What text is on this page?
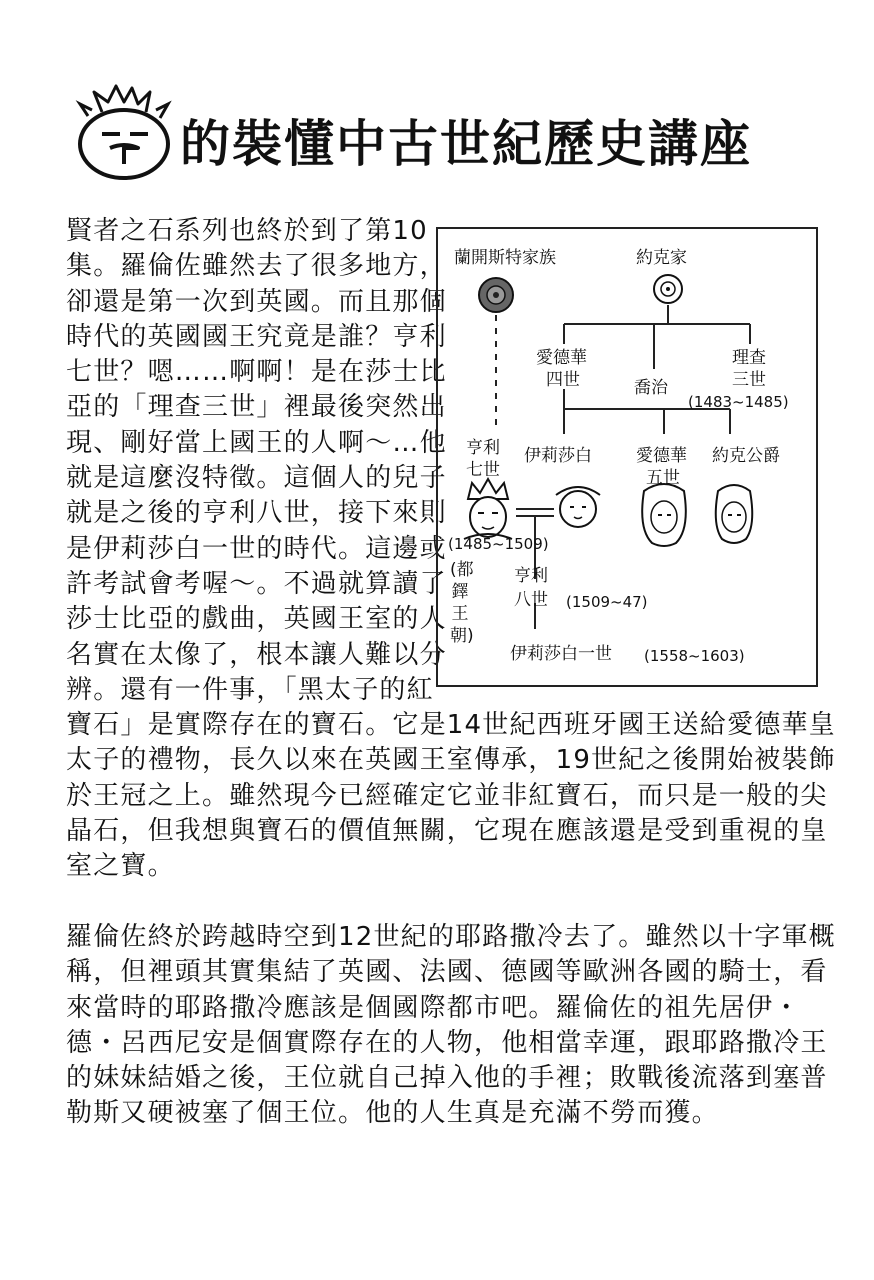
的裝懂中古世紀歷史講座
賢者之石系列也終於到了第10
集。羅倫佐雖然去了很多地方，
卻還是第一次到英國。而且那個
時代的英國國王究竟是誰？亨利
七世？嗯……啊啊！是在莎士比
亞的「理查三世」裡最後突然出
現、剛好當上國王的人啊～…他
就是這麼沒特徵。這個人的兒子
就是之後的亨利八世，接下來則
是伊莉莎白一世的時代。這邊或
許考試會考喔～。不過就算讀了
莎士比亞的戲曲，英國王室的人
名實在太像了，根本讓人難以分
辨。還有一件事，「黑太子的紅
寶石」是實際存在的寶石。它是14世紀西班牙國王送給愛德華皇
太子的禮物，長久以來在英國王室傳承，19世紀之後開始被裝飾
於王冠之上。雖然現今已經確定它並非紅寶石，而只是一般的尖
晶石，但我想與寶石的價值無關，它現在應該還是受到重視的皇
室之寶。
蘭開斯特家族	約克家
愛德華
四世	喬治
理查
三世
(1483~1485)
亨利
七世
(1485~1509)
伊莉莎白	愛德華
五世
約克公爵
(都鐸王朝)
亨利
八世 (1509~47)
伊莉莎白一世 (1558~1603)
羅倫佐終於跨越時空到12世紀的耶路撒冷去了。雖然以十字軍概
稱，但裡頭其實集結了英國、法國、德國等歐洲各國的騎士，看
來當時的耶路撒冷應該是個國際都市吧。羅倫佐的祖先居伊・
德・呂西尼安是個實際存在的人物，他相當幸運，跟耶路撒冷王
的妹妹結婚之後，王位就自己掉入他的手裡；敗戰後流落到塞普
勒斯又硬被塞了個王位。他的人生真是充滿不勞而獲。
